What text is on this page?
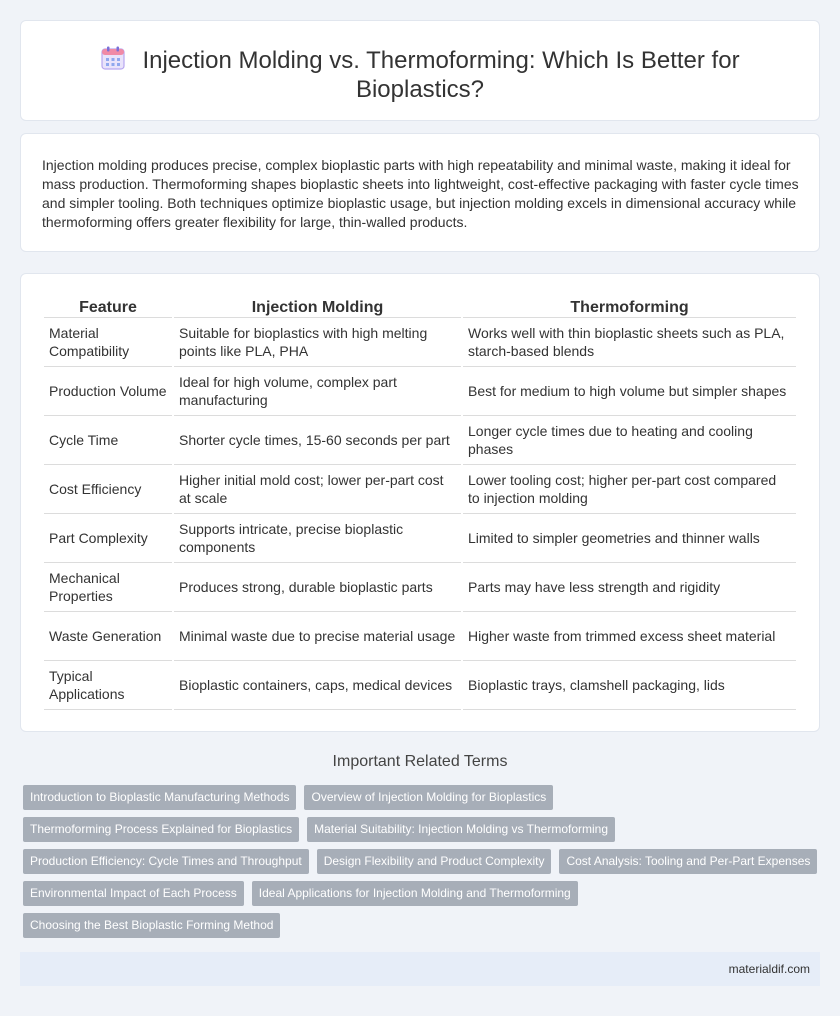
Injection Molding vs. Thermoforming: Which Is Better for
Bioplastics?

Injection molding produces precise, complex bioplastic parts with high repeatability and minimal waste, making it ideal for mass production. Thermoforming shapes bioplastic sheets into lightweight, cost-effective packaging with faster cycle times and simpler tooling. Both techniques optimize bioplastic usage, but injection molding excels in dimensional accuracy while thermoforming offers greater flexibility for large, thin-walled products.

Feature	Injection Molding	Thermoforming
Material Compatibility	Suitable for bioplastics with high melting points like PLA, PHA	Works well with thin bioplastic sheets such as PLA, starch-based blends
Production Volume	Ideal for high volume, complex part manufacturing	Best for medium to high volume but simpler shapes
Cycle Time	Shorter cycle times, 15-60 seconds per part	Longer cycle times due to heating and cooling phases
Cost Efficiency	Higher initial mold cost; lower per-part cost at scale	Lower tooling cost; higher per-part cost compared to injection molding
Part Complexity	Supports intricate, precise bioplastic components	Limited to simpler geometries and thinner walls
Mechanical Properties	Produces strong, durable bioplastic parts	Parts may have less strength and rigidity
Waste Generation	Minimal waste due to precise material usage	Higher waste from trimmed excess sheet material
Typical Applications	Bioplastic containers, caps, medical devices	Bioplastic trays, clamshell packaging, lids
Important Related Terms
Introduction to Bioplastic Manufacturing Methods	Overview of Injection Molding for Bioplastics
Thermoforming Process Explained for Bioplastics	Material Suitability: Injection Molding vs Thermoforming
Production Efficiency: Cycle Times and Throughput	Design Flexibility and Product Complexity	Cost Analysis: Tooling and Per-Part Expenses
Environmental Impact of Each Process	Ideal Applications for Injection Molding and Thermoforming
Choosing the Best Bioplastic Forming Method
materialdif.com
